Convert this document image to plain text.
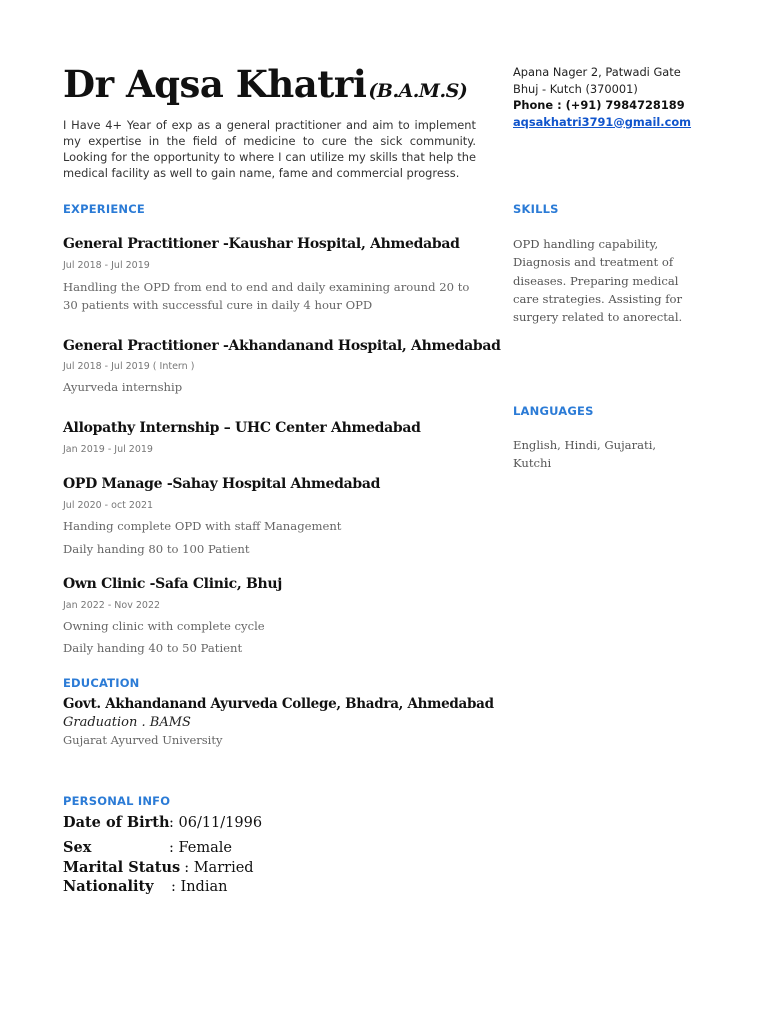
Dr Aqsa Khatri (B.A.M.S)
I Have 4+ Year of exp as a general practitioner and aim to implement my expertise in the field of medicine to cure the sick community. Looking for the opportunity to where I can utilize my skills that help the medical facility as well to gain name, fame and commercial progress.
Apana Nager 2, Patwadi Gate
Bhuj - Kutch (370001)
Phone : (+91) 7984728189
aqsakhatri3791@gmail.com
EXPERIENCE
General Practitioner -Kaushar Hospital, Ahmedabad
Jul 2018 - Jul 2019
Handling the OPD from end to end and daily examining around 20 to 30 patients with successful cure in daily 4 hour OPD
General Practitioner -Akhandanand Hospital, Ahmedabad
Jul 2018 - Jul 2019 ( Intern )
Ayurveda internship
Allopathy Internship – UHC Center Ahmedabad
Jan 2019 - Jul 2019
OPD Manage -Sahay Hospital Ahmedabad
Jul 2020 - oct 2021
Handing complete OPD with staff Management
Daily handing 80 to 100 Patient
Own Clinic -Safa Clinic, Bhuj
Jan 2022 - Nov 2022
Owning clinic with complete cycle
Daily handing 40 to 50 Patient
EDUCATION
Govt. Akhandanand Ayurveda College, Bhadra, Ahmedabad
Graduation . BAMS
Gujarat Ayurved University
PERSONAL INFO
Date of Birth: 06/11/1996
Sex	: Female
Marital Status : Married
Nationality : Indian
SKILLS
OPD handling capability, Diagnosis and treatment of diseases. Preparing medical care strategies. Assisting for surgery related to anorectal.
LANGUAGES
English, Hindi, Gujarati, Kutchi
